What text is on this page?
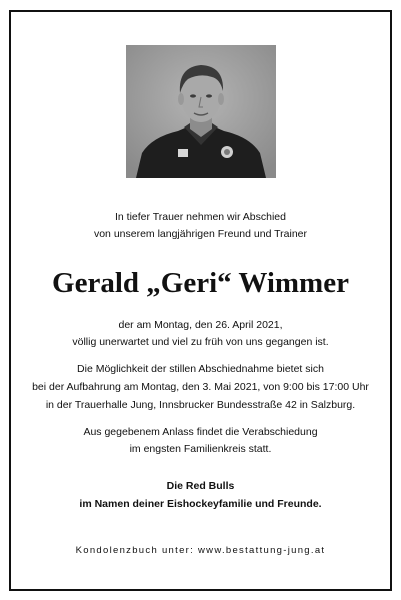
In tiefer Trauer nehmen wir Abschied
von unserem langjährigen Freund und Trainer
Gerald „Geri“ Wimmer
der am Montag, den 26. April 2021,
völlig unerwartet und viel zu früh von uns gegangen ist.
Die Möglichkeit der stillen Abschiednahme bietet sich
bei der Aufbahrung am Montag, den 3. Mai 2021, von 9:00 bis 17:00 Uhr
in der Trauerhalle Jung, Innsbrucker Bundesstraße 42 in Salzburg.
Aus gegebenem Anlass findet die Verabschiedung
im engsten Familienkreis statt.
Die Red Bulls
im Namen deiner Eishockeyfamilie und Freunde.
Kondolenzbuch unter: www.bestattung-jung.at
